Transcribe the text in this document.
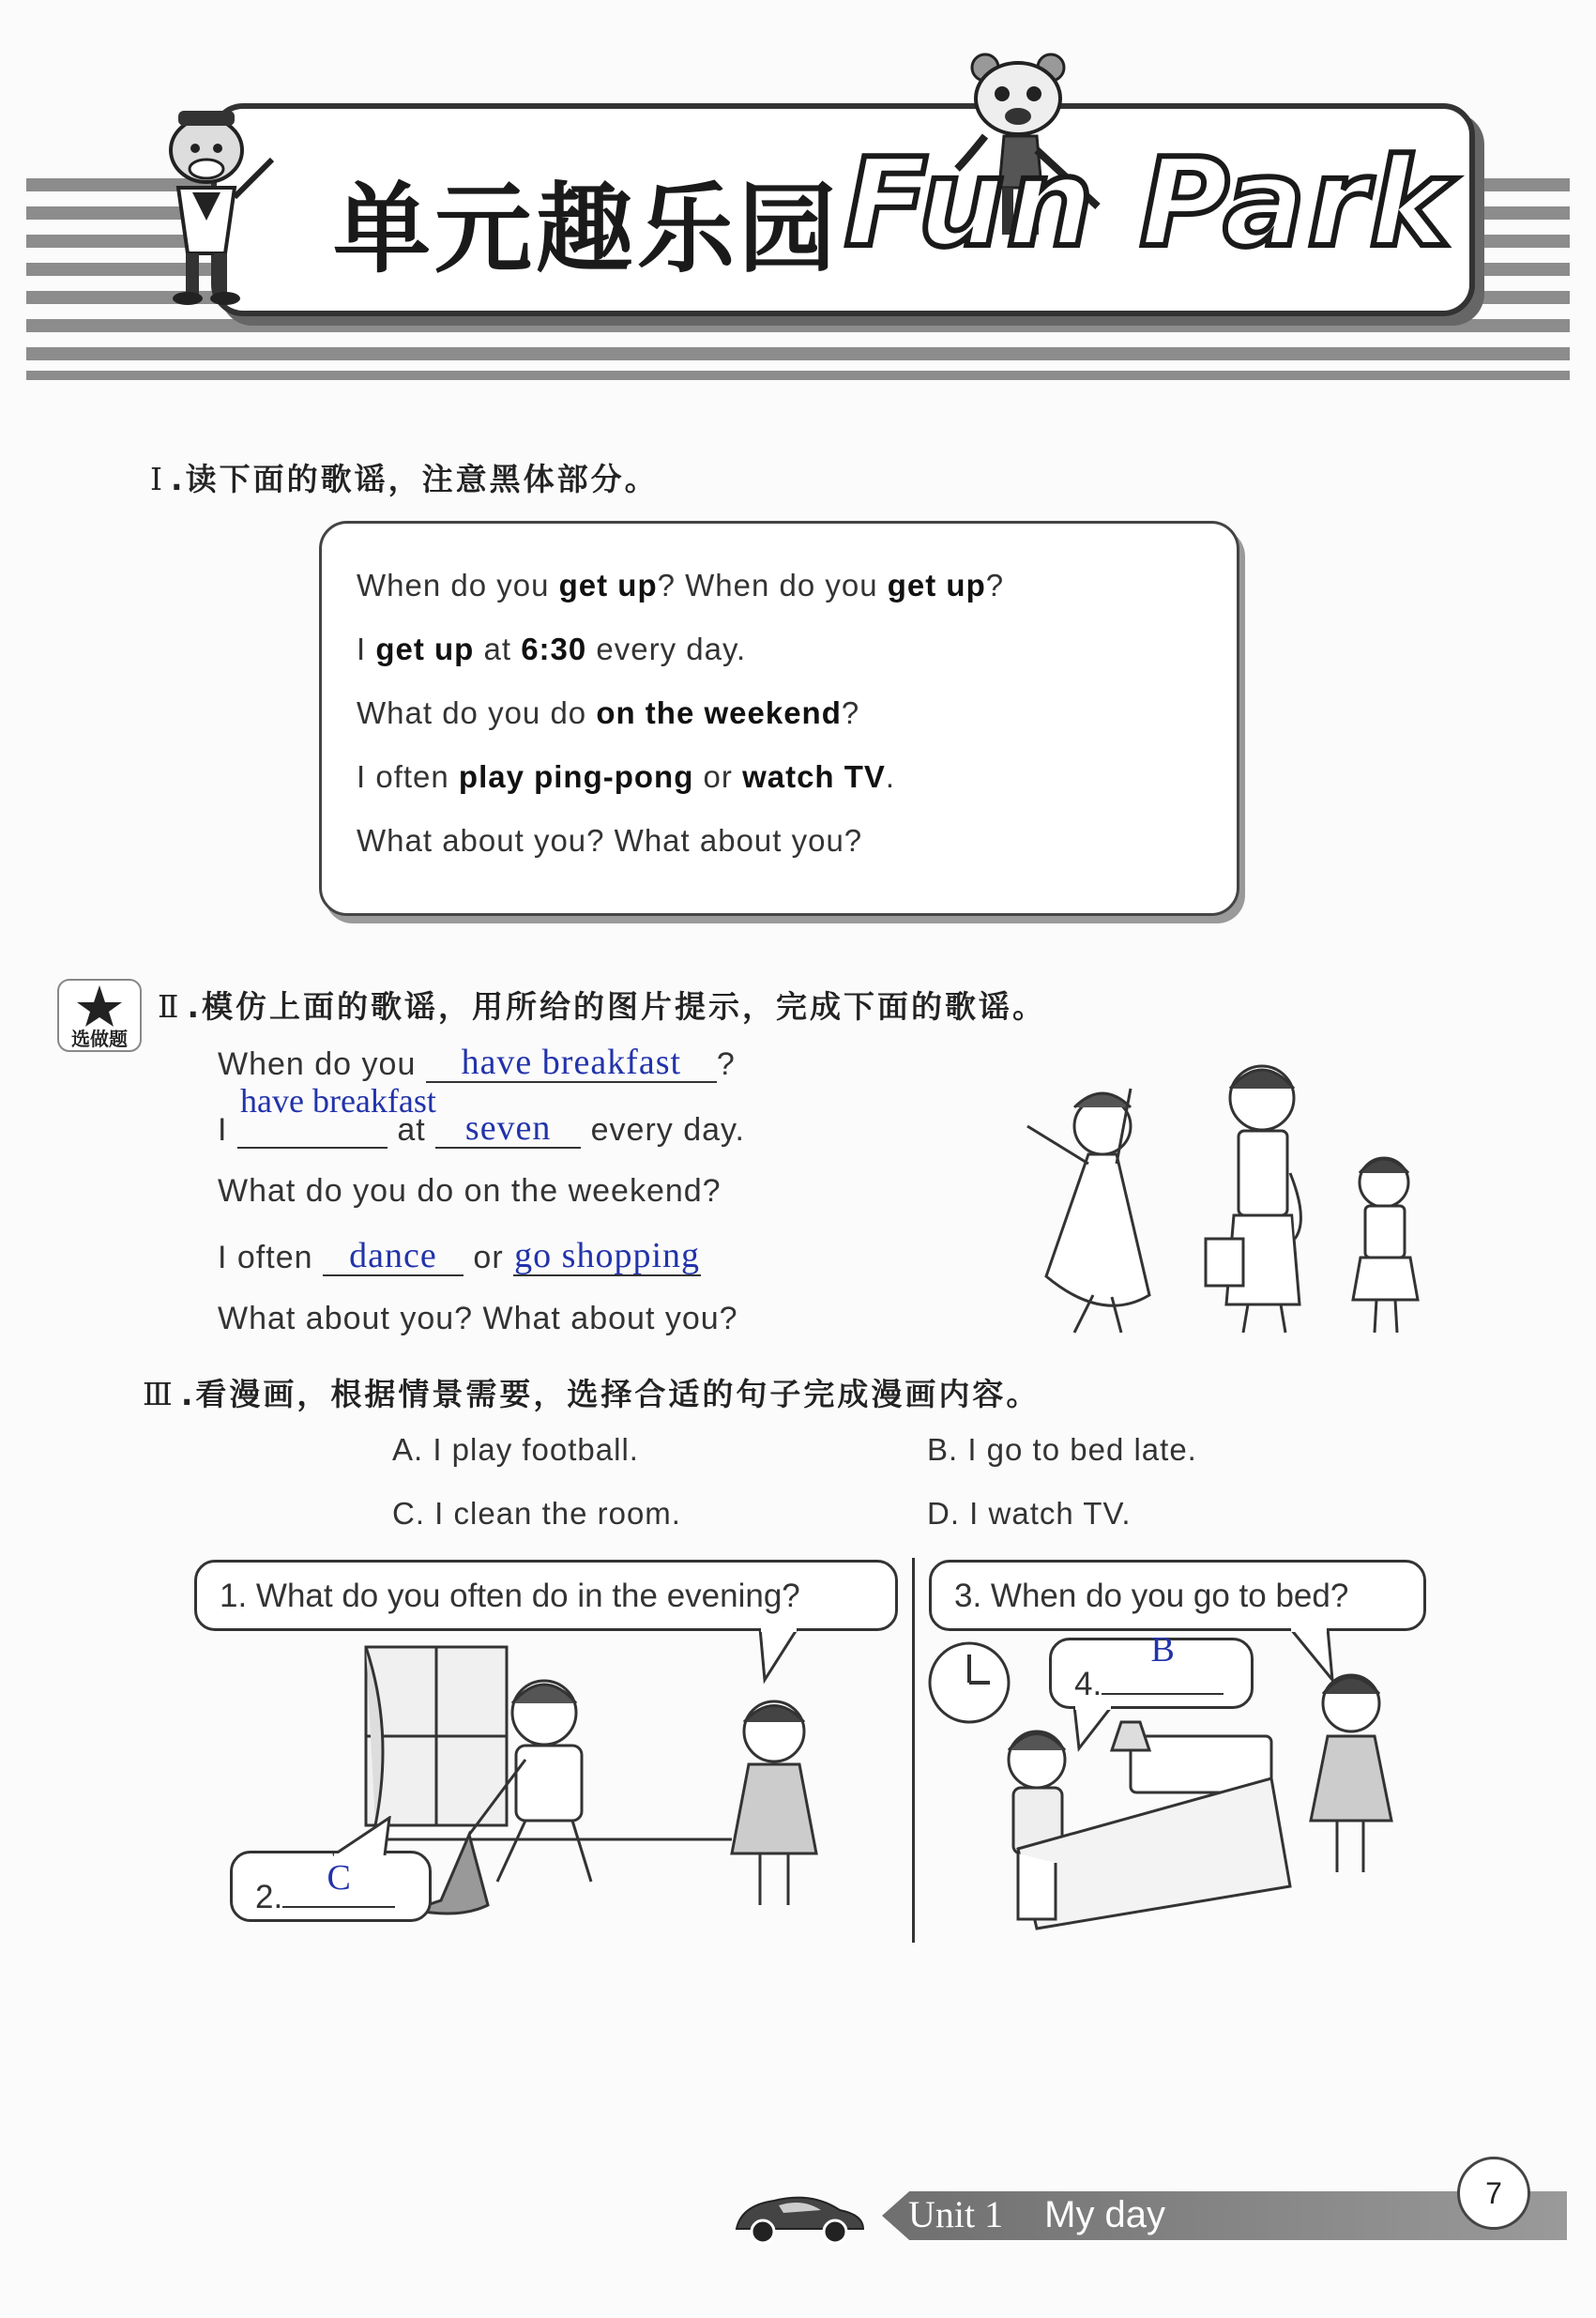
单元趣乐园 Fun Park
Ⅰ .读下面的歌谣，注意黑体部分。
When do you get up? When do you get up?
I get up at 6:30 every day.
What do you do on the weekend?
I often play ping-pong or watch TV.
What about you? What about you?
选做题
Ⅱ .模仿上面的歌谣，用所给的图片提示，完成下面的歌谣。
When do you	have breakfast	?
have breakfast
I	at	seven	every day.
What do you do on the weekend?
I often	dance	or go shopping
What about you? What about you?
Ⅲ .看漫画，根据情景需要，选择合适的句子完成漫画内容。
A. I play football.	B. I go to bed late.
C. I clean the room.	D. I watch TV.
1. What do you often do in the evening?
2.	C
3. When do you go to bed?
4.
B
Unit 1 My day
7
